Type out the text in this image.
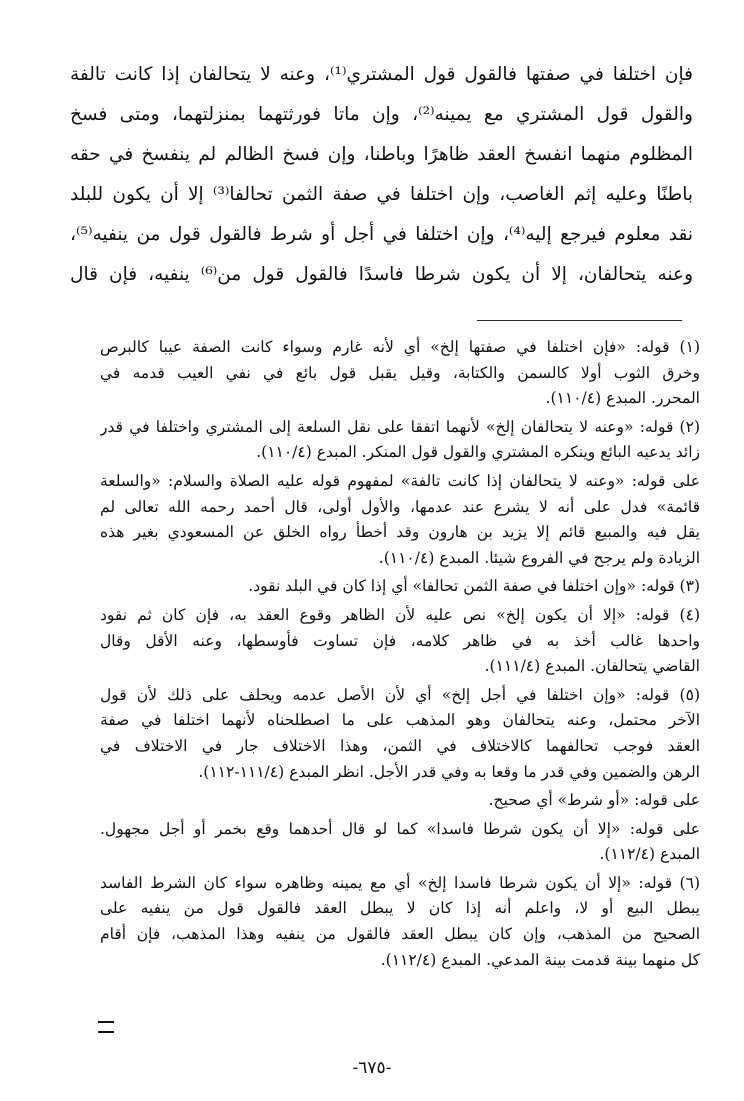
فإن اختلفا في صفتها فالقول قول المشتري⁽¹⁾، وعنه لا يتحالفان إذا كانت تالفة
والقول قول المشتري مع يمينه⁽²⁾، وإن ماتا فورثتهما بمنزلتهما، ومتى فسخ
المظلوم منهما انفسخ العقد ظاهرًا وباطنا، وإن فسخ الظالم لم ينفسخ في حقه
باطنًا وعليه إثم الغاصب، وإن اختلفا في صفة الثمن تحالفا⁽³⁾ إلا أن يكون للبلد
نقد معلوم فيرجع إليه⁽⁴⁾، وإن اختلفا في أجل أو شرط فالقول قول من ينفيه⁽⁵⁾،
وعنه يتحالفان، إلا أن يكون شرطا فاسدًا فالقول قول من⁽⁶⁾ ينفيه، فإن قال
(١) قوله: «فإن اختلفا في صفتها إلخ» أي لأنه غارم وسواء كانت الصفة عيبا كالبرص
وخرق الثوب أولا كالسمن والكتابة، وقيل يقبل قول بائع في نفي العيب قدمه في
المحرر. المبدع (١١٠/٤).
(٢) قوله: «وعنه لا يتحالفان إلخ» لأنهما اتفقا على نقل السلعة إلى المشتري واختلفا في قدر
زائد يدعيه البائع وينكره المشتري والقول قول المنكر. المبدع (١١٠/٤).
على قوله: «وعنه لا يتحالفان إذا كانت تالفة» لمفهوم قوله عليه الصلاة والسلام: «والسلعة
قائمة» فدل على أنه لا يشرع عند عدمها، والأول أولى، قال أحمد رحمه الله تعالى لم
يقل فيه والمبيع قائم إلا يزيد بن هارون وقد أخطأ رواه الخلق عن المسعودي بغير هذه
الزيادة ولم يرجح في الفروع شيئا. المبدع (١١٠/٤).
(٣) قوله: «وإن اختلفا في صفة الثمن تحالفا» أي إذا كان في البلد نقود.
(٤) قوله: «إلا أن يكون إلخ» نص عليه لأن الظاهر وقوع العقد به، فإن كان ثم نقود
واحدها غالب أخذ به في ظاهر كلامه، فإن تساوت فأوسطها، وعنه الأقل وقال
القاضي يتحالفان. المبدع (١١١/٤).
(٥) قوله: «وإن اختلفا في أجل إلخ» أي لأن الأصل عدمه ويحلف على ذلك لأن قول
الآخر محتمل، وعنه يتحالفان وهو المذهب على ما اصطلحناه لأنهما اختلفا في صفة
العقد فوجب تحالفهما كالاختلاف في الثمن، وهذا الاختلاف جار في الاختلاف في
الرهن والضمين وفي قدر ما وقعا به وفي قدر الأجل. انظر المبدع (١١١/٤-١١٢).
على قوله: «أو شرط» أي صحيح.
على قوله: «إلا أن يكون شرطا فاسدا» كما لو قال أحدهما وقع بخمر أو أجل مجهول.
المبدع (١١٢/٤).
(٦) قوله: «إلا أن يكون شرطا فاسدا إلخ» أي مع يمينه وظاهره سواء كان الشرط الفاسد
يبطل البيع أو لا، واعلم أنه إذا كان لا يبطل العقد فالقول قول من ينفيه على
الصحيح من المذهب، وإن كان يبطل العقد فالقول من ينفيه وهذا المذهب، فإن أقام
كل منهما بينة قدمت بينة المدعي. المبدع (١١٢/٤).
-٦٧٥-
